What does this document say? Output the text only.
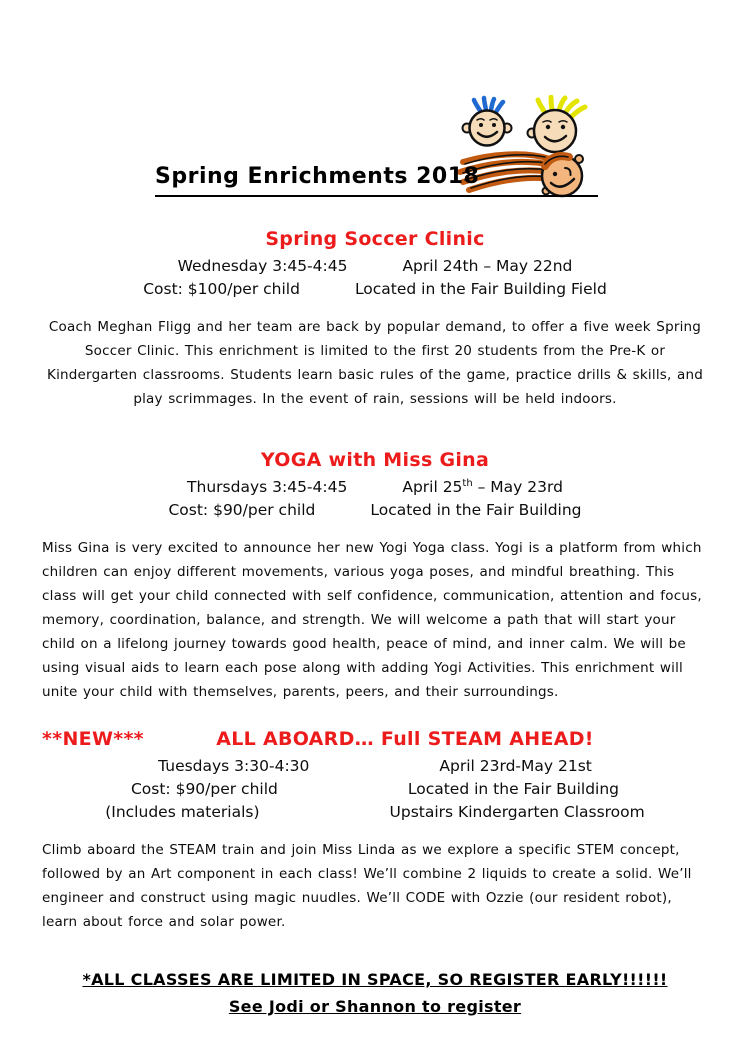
Spring Enrichments 2018
Spring Soccer Clinic
Wednesday 3:45-4:45	April 24th – May 22nd
Cost: $100/per child	Located in the Fair Building Field

Coach Meghan Fligg and her team are back by popular demand, to offer a five week Spring Soccer Clinic. This enrichment is limited to the first 20 students from the Pre-K or Kindergarten classrooms. Students learn basic rules of the game, practice drills & skills, and play scrimmages. In the event of rain, sessions will be held indoors.

YOGA with Miss Gina
Thursdays 3:45-4:45	April 25th – May 23rd
Cost: $90/per child	Located in the Fair Building

Miss Gina is very excited to announce her new Yogi Yoga class. Yogi is a platform from which children can enjoy different movements, various yoga poses, and mindful breathing. This class will get your child connected with self confidence, communication, attention and focus, memory, coordination, balance, and strength. We will welcome a path that will start your child on a lifelong journey towards good health, peace of mind, and inner calm. We will be using visual aids to learn each pose along with adding Yogi Activities. This enrichment will unite your child with themselves, parents, peers, and their surroundings.

**NEW***	ALL ABOARD… Full STEAM AHEAD!
Tuesdays 3:30-4:30	April 23rd-May 21st
Cost: $90/per child	Located in the Fair Building
(Includes materials)	Upstairs Kindergarten Classroom

Climb aboard the STEAM train and join Miss Linda as we explore a specific STEM concept, followed by an Art component in each class! We’ll combine 2 liquids to create a solid. We’ll engineer and construct using magic nuudles. We’ll CODE with Ozzie (our resident robot), learn about force and solar power.

*ALL CLASSES ARE LIMITED IN SPACE, SO REGISTER EARLY!!!!!!
See Jodi or Shannon to register
